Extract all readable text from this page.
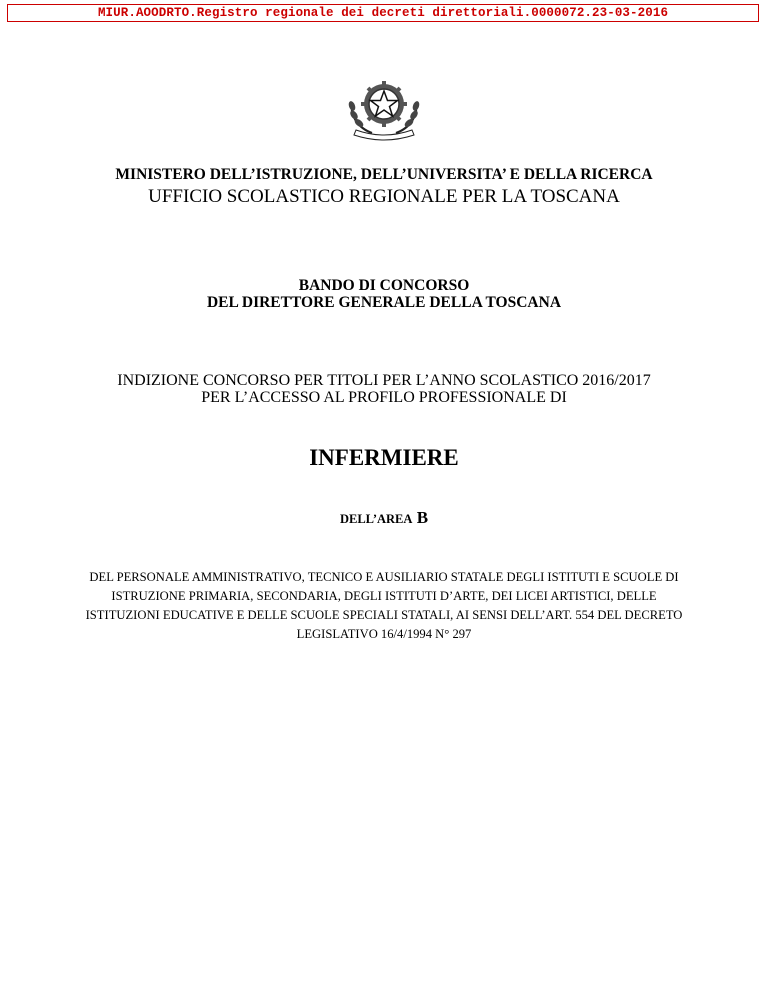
MIUR.AOODRTO.Registro regionale dei decreti direttoriali.0000072.23-03-2016
MINISTERO DELL’ISTRUZIONE, DELL’UNIVERSITA’ E DELLA RICERCA
UFFICIO SCOLASTICO REGIONALE PER LA TOSCANA
BANDO DI CONCORSO
DEL DIRETTORE GENERALE DELLA TOSCANA
INDIZIONE CONCORSO PER TITOLI PER L’ANNO SCOLASTICO 2016/2017
PER L’ACCESSO AL PROFILO PROFESSIONALE DI
INFERMIERE
DELL’AREA B
DEL PERSONALE AMMINISTRATIVO, TECNICO E AUSILIARIO STATALE DEGLI ISTITUTI E SCUOLE DI
ISTRUZIONE PRIMARIA, SECONDARIA, DEGLI ISTITUTI D’ARTE, DEI LICEI ARTISTICI, DELLE
ISTITUZIONI EDUCATIVE E DELLE SCUOLE SPECIALI STATALI, AI SENSI DELL’ART. 554 DEL DECRETO
LEGISLATIVO 16/4/1994 N° 297
